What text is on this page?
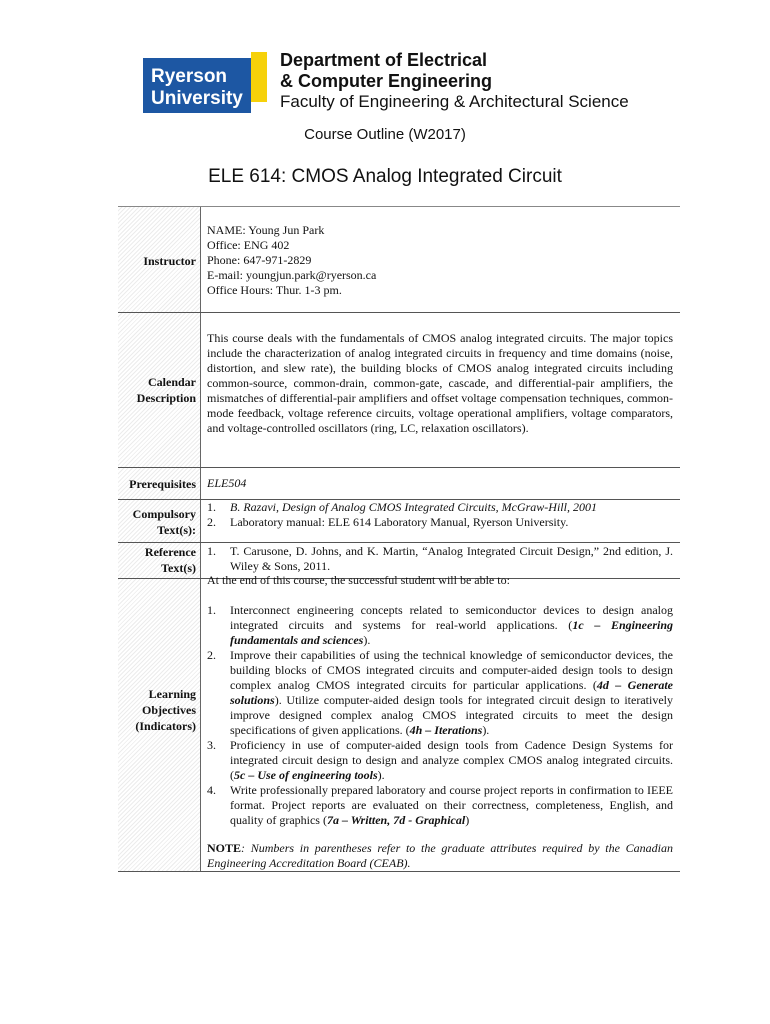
Ryerson
University
Department of Electrical
& Computer Engineering
Faculty of Engineering & Architectural Science
Course Outline (W2017)
ELE 614: CMOS Analog Integrated Circuit
Instructor
NAME: Young Jun Park
Office: ENG 402
Phone: 647-971-2829
E-mail: youngjun.park@ryerson.ca
Office Hours: Thur. 1-3 pm.
Calendar
Description
This course deals with the fundamentals of CMOS analog integrated circuits. The major topics include the characterization of analog integrated circuits in frequency and time domains (noise, distortion, and slew rate), the building blocks of CMOS analog integrated circuits including common-source, common-drain, common-gate, cascade, and differential-pair amplifiers, the mismatches of differential-pair amplifiers and offset voltage compensation techniques, common-mode feedback, voltage reference circuits, voltage operational amplifiers, voltage comparators, and voltage-controlled oscillators (ring, LC, relaxation oscillators).
Prerequisites ELE504
Compulsory
Text(s):
1. B. Razavi, Design of Analog CMOS Integrated Circuits, McGraw-Hill, 2001
2. Laboratory manual: ELE 614 Laboratory Manual, Ryerson University.
Reference
Text(s)
1. T. Carusone, D. Johns, and K. Martin, “Analog Integrated Circuit Design,” 2nd edition, J. Wiley & Sons, 2011.
Learning
Objectives
(Indicators)
At the end of this course, the successful student will be able to:
1. Interconnect engineering concepts related to semiconductor devices to design analog integrated circuits and systems for real-world applications. (1c – Engineering fundamentals and sciences).
2. Improve their capabilities of using the technical knowledge of semiconductor devices, the building blocks of CMOS integrated circuits and computer-aided design tools to design complex analog CMOS integrated circuits for particular applications. (4d – Generate solutions). Utilize computer-aided design tools for integrated circuit design to iteratively improve designed complex analog CMOS integrated circuits to meet the design specifications of given applications. (4h – Iterations).
3. Proficiency in use of computer-aided design tools from Cadence Design Systems for integrated circuit design to design and analyze complex CMOS analog integrated circuits. (5c – Use of engineering tools).
4. Write professionally prepared laboratory and course project reports in confirmation to IEEE format. Project reports are evaluated on their correctness, completeness, English, and quality of graphics (7a – Written, 7d - Graphical)
NOTE: Numbers in parentheses refer to the graduate attributes required by the Canadian Engineering Accreditation Board (CEAB).
